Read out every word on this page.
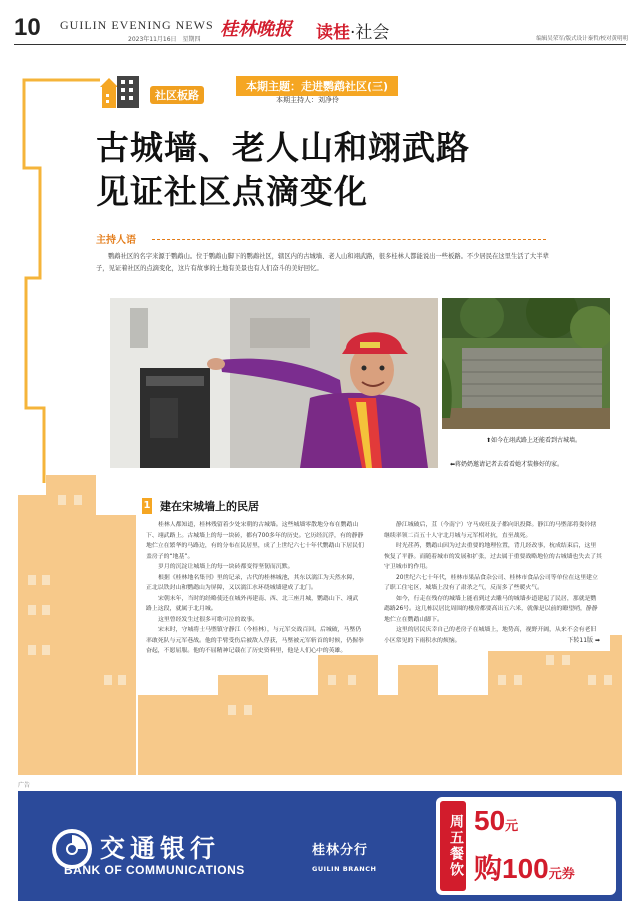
10 GUILIN EVENING NEWS
2023年11月16日　星期四 桂林晚报 读桂·社会	编辑吴荣军/版式设计秦哲/校对黄明明
社区板路
本期主题：走进鹦鹉社区(三)
本期主持人：刘净伶
古城墙、老人山和翊武路
见证社区点滴变化
主持人语
鹦鹉社区的名字来源于鹦鹉山。位于鹦鹉山脚下的鹦鹉社区，辖区内的古城墙、老人山和翊武路，很多桂林人都能说出一些板路。不少居民在这里生活了大半辈子，见证着社区的点滴变化，这片有故事的土地有美景也有人们奋斗的美好回忆。
⬆如今在翊武路上还能看到古城墙。
⬅蒋奶奶邀请记者去看看她才装修好的家。
1 建在宋城墙上的民居

桂林人都知道，桂林残留着少处宋朝的古城墙。这些城墙零散地分布在鹦鹉山下、翊武路上。古城墙上的每一块砖，都有700多年的历史。它历经沉浮，有的静静地伫立在繁华的马路边，有的分布在民居里，成了上世纪六七十年代鹦鹉山下居民们盖房子的“地基”。

岁月的沉淀让城墙上的每一块砖都变得坚韧而沉默。

根据《桂林地名集刊》里的记录，古代的桂林城池，其东以漓江为天然水障，正北以铁封山和鹦鹉山为屏障，又以漓江水环绕城墙建成了北门。

宋朝末年，当时的经略使还在城外再建南、西、北三座月城，鹦鹉山下、翊武路上这段，就属于北月城。

这里曾经发生过很多可歌可泣的故事。

宋末时，守城将士马塈镇守静江（今桂林），与元军交战百回。后城破，马塈仍率敢死队与元军巷战。他的手臂受伤后被敌人俘获，马塈被元军斩首的时候，仍握拳奋起，不愿屈服。他的不屈精神记载在了历史资料里，他是人们心中的英雄。

静江城破后，苴（今南宁）守马成旺及子都向讯投降。静江的马塈部将娄钤辖继续率领二百五十人守北月城与元军相对抗，直至战死。

时光荏苒，鹦鹉山因为过去重要的地理位置，背几经改事，杭成结束后，这里恢复了平静。而随着城市的发展和扩张，过去属于重要战略地位的古城墙也失去了其守卫城市的作用。

20世纪六七十年代，桂林市果品食杂公司、桂林市食品公司等单位在这里建立了职工住宅区，城墙上没有了肃杀之气，反而多了些暖火气。

如今，行走在残存的城墙上能看到过去雕马的城墙步道建起了民居，那就是鹦鹉路26号。这几栋民居比周围的楼房都要高出五六米，就像是以前的瞭望哨，静静地伫立在鹦鹉山脚下。

这里的居民庆幸自己的老房子在城墙上，地势高，视野开阔，从来不会有老旧小区常见的下雨积水的烦恼。	下转11版 ➡
广告
交通银行
BANK OF COMMUNICATIONS
桂林分行
GUILIN BRANCH	周五餐饮 50元
购100元券
